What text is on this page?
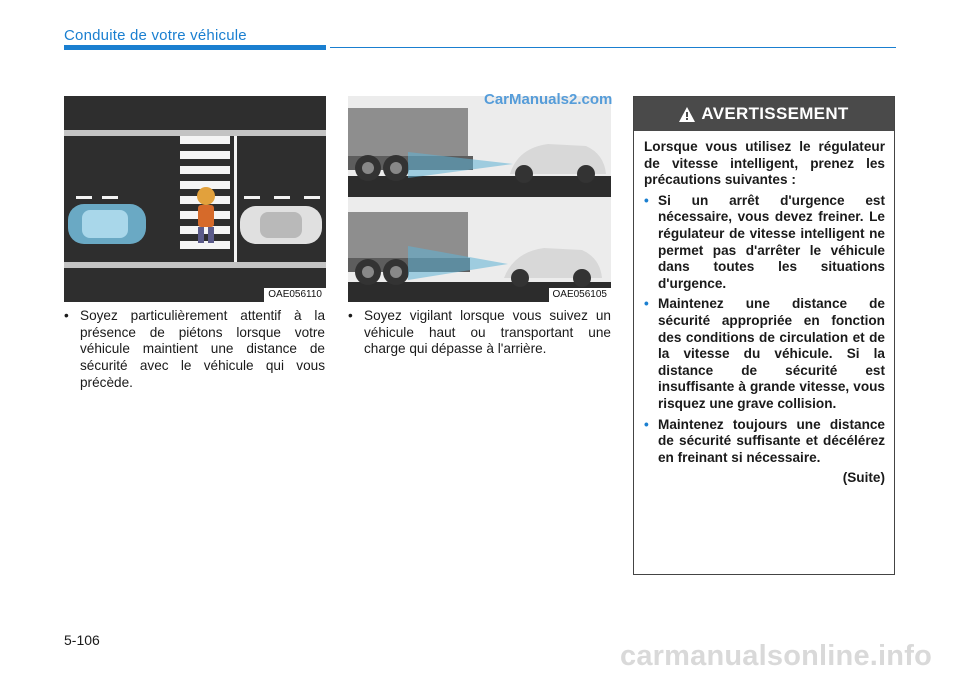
Conduite de votre véhicule
OAE056110	OAE056105
CarManuals2.com
• Soyez particulièrement attentif à la présence de piétons lorsque votre véhicule maintient une distance de sécurité avec le véhicule qui vous précède.
• Soyez vigilant lorsque vous suivez un véhicule haut ou transportant une charge qui dépasse à l'arrière.
AVERTISSEMENT

Lorsque vous utilisez le régulateur de vitesse intelligent, prenez les précautions suivantes :

• Si un arrêt d'urgence est nécessaire, vous devez freiner. Le régulateur de vitesse intelligent ne permet pas d'arrêter le véhicule dans toutes les situations d'urgence.
• Maintenez une distance de sécurité appropriée en fonction des conditions de circulation et de la vitesse du véhicule. Si la distance de sécurité est insuffisante à grande vitesse, vous risquez une grave collision.
• Maintenez toujours une distance de sécurité suffisante et décélérez en freinant si nécessaire.
(Suite)
5-106	carmanualsonline.info
